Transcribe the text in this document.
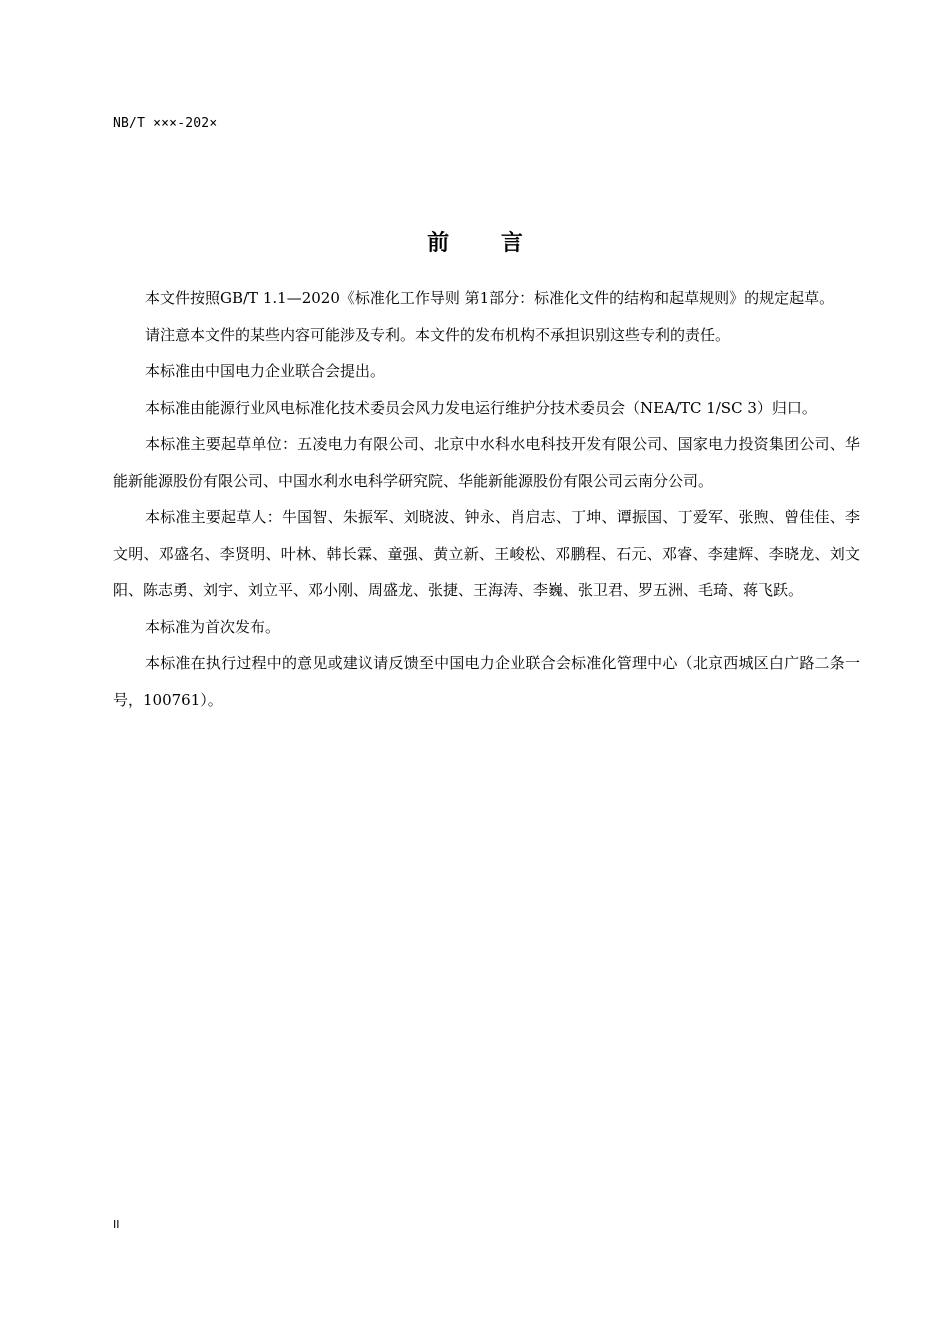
NB/T ×××-202×
前 言

本文件按照GB/T 1.1—2020《标准化工作导则 第1部分：标准化文件的结构和起草规则》的规定起草。

请注意本文件的某些内容可能涉及专利。本文件的发布机构不承担识别这些专利的责任。

本标准由中国电力企业联合会提出。

本标准由能源行业风电标准化技术委员会风力发电运行维护分技术委员会（NEA/TC 1/SC 3）归口。

本标准主要起草单位：五凌电力有限公司、北京中水科水电科技开发有限公司、国家电力投资集团公司、华能新能源股份有限公司、中国水利水电科学研究院、华能新能源股份有限公司云南分公司。

本标准主要起草人：牛国智、朱振军、刘晓波、钟永、肖启志、丁坤、谭振国、丁爱军、张煦、曾佳佳、李文明、邓盛名、李贤明、叶林、韩长霖、童强、黄立新、王峻松、邓鹏程、石元、邓睿、李建辉、李晓龙、刘文阳、陈志勇、刘宇、刘立平、邓小刚、周盛龙、张捷、王海涛、李巍、张卫君、罗五洲、毛琦、蒋飞跃。

本标准为首次发布。

本标准在执行过程中的意见或建议请反馈至中国电力企业联合会标准化管理中心（北京西城区白广路二条一号，100761）。

II
